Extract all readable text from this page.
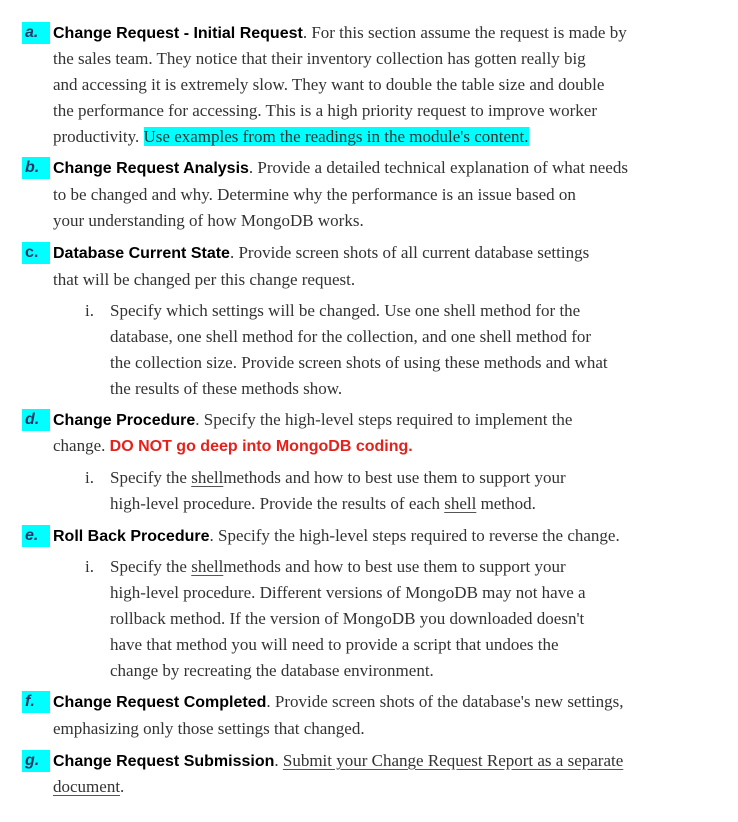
a. Change Request - Initial Request. For this section assume the request is made by
the sales team. They notice that their inventory collection has gotten really big
and accessing it is extremely slow. They want to double the table size and double
the performance for accessing. This is a high priority request to improve worker
productivity. Use examples from the readings in the module's content.
b. Change Request Analysis. Provide a detailed technical explanation of what needs
to be changed and why. Determine why the performance is an issue based on
your understanding of how MongoDB works.
c. Database Current State. Provide screen shots of all current database settings
that will be changed per this change request.
i. Specify which settings will be changed. Use one shell method for the
database, one shell method for the collection, and one shell method for
the collection size. Provide screen shots of using these methods and what
the results of these methods show.
d. Change Procedure. Specify the high-level steps required to implement the
change. DO NOT go deep into MongoDB coding.
i. Specify the shellmethods and how to best use them to support your
high-level procedure. Provide the results of each shell method.
e. Roll Back Procedure. Specify the high-level steps required to reverse the change.
i. Specify the shellmethods and how to best use them to support your
high-level procedure. Different versions of MongoDB may not have a
rollback method. If the version of MongoDB you downloaded doesn't
have that method you will need to provide a script that undoes the
change by recreating the database environment.
f.	Change Request Completed. Provide screen shots of the database's new settings,
emphasizing only those settings that changed.
g. Change Request Submission. Submit your Change Request Report as a separate
document.
